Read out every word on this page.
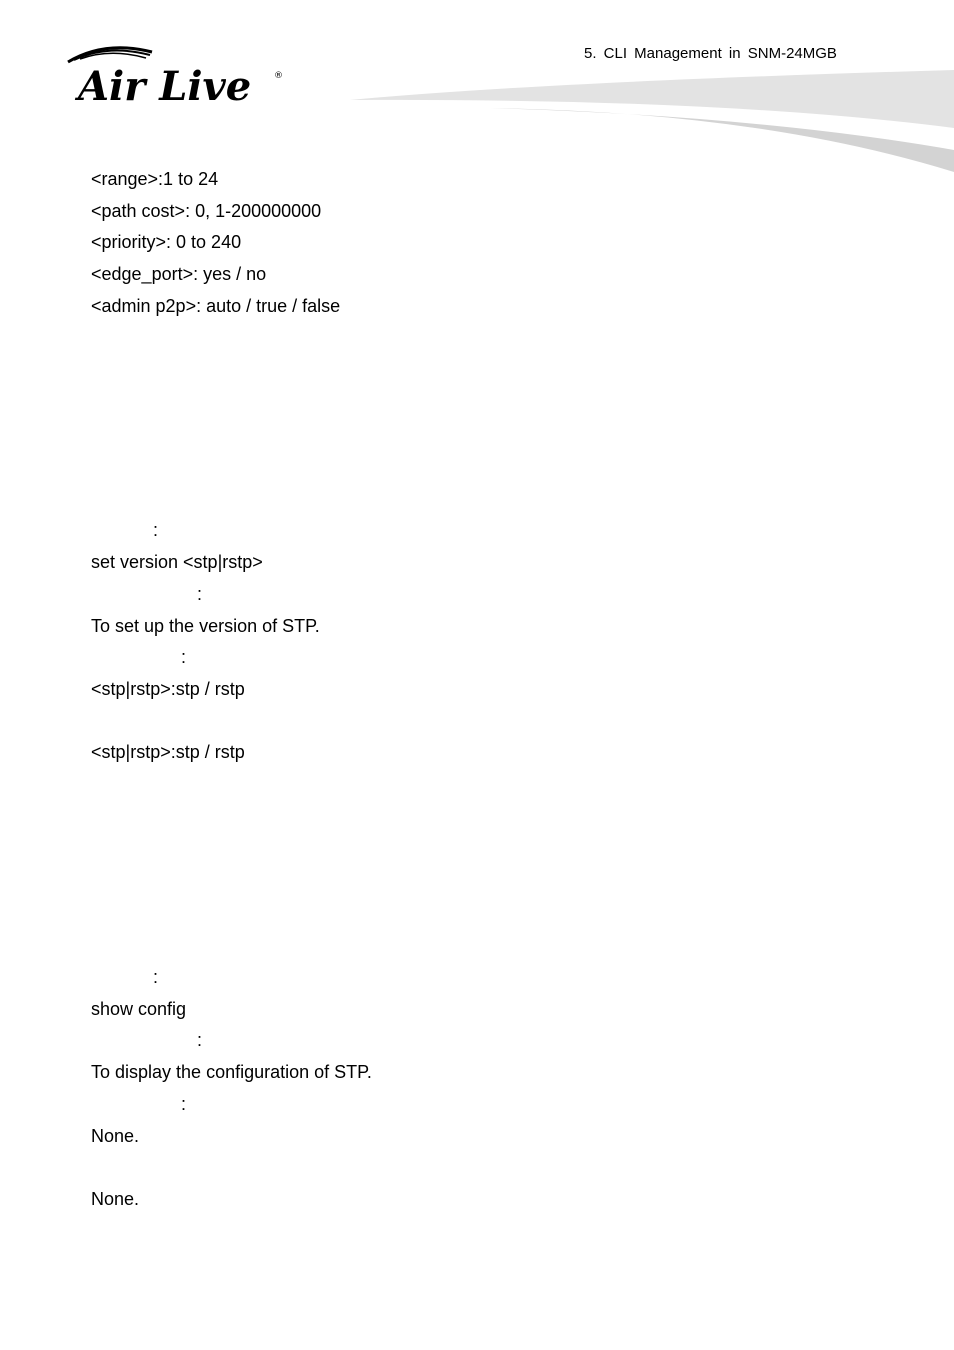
Air Live	®
5. CLI Management in SNM-24MGB
<range>:1 to 24
<path cost>: 0, 1-200000000
<priority>: 0 to 240
<edge_port>: yes / no
<admin p2p>: auto / true / false
:
set version <stp|rstp>
:
To set up the version of STP.
:
<stp|rstp>:stp / rstp
<stp|rstp>:stp / rstp
:
show config
:
To display the configuration of STP.
:
None.
None.
